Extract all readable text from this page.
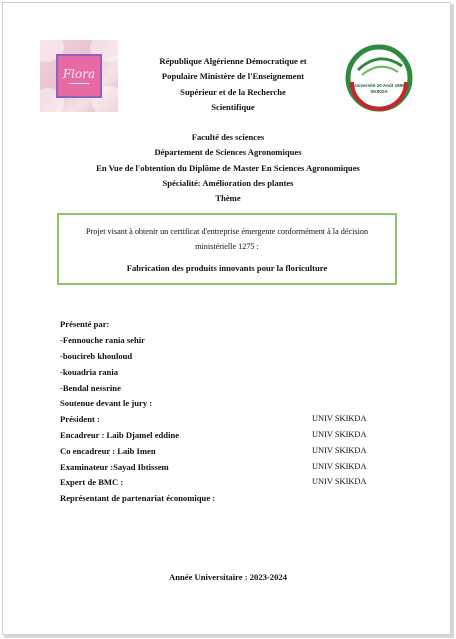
Flora
Université 20 Août 1955
SKIKDA
République Algérienne Démocratique et
Populaire Ministère de l'Enseignement
Supérieur et de la Recherche
Scientifique
Faculté des sciences
Département de Sciences Agronomiques
En Vue de l'obtention du Diplôme de Master En Sciences Agronomiques
Spécialité: Amélioration des plantes
Thème
Projet visant à obtenir un certificat d'entreprise émergente conformément à la décision ministérielle 1275 :
Fabrication des produits innovants pour la floriculture
Présenté par:
-Fennouche rania sehir
-boucireb khouloud
-kouadria rania
-Bendal nessrine
Soutenue devant le jury :
Président :	UNIV SKIKDA
Encadreur : Laib Djamel eddine	UNIV SKIKDA
Co encadreur : Laib Imen	UNIV SKIKDA
Examinateur :Sayad Ibtissem	UNIV SKIKDA
Expert de BMC :	UNIV SKIKDA
Représentant de partenariat économique :
Année Universitaire : 2023-2024
